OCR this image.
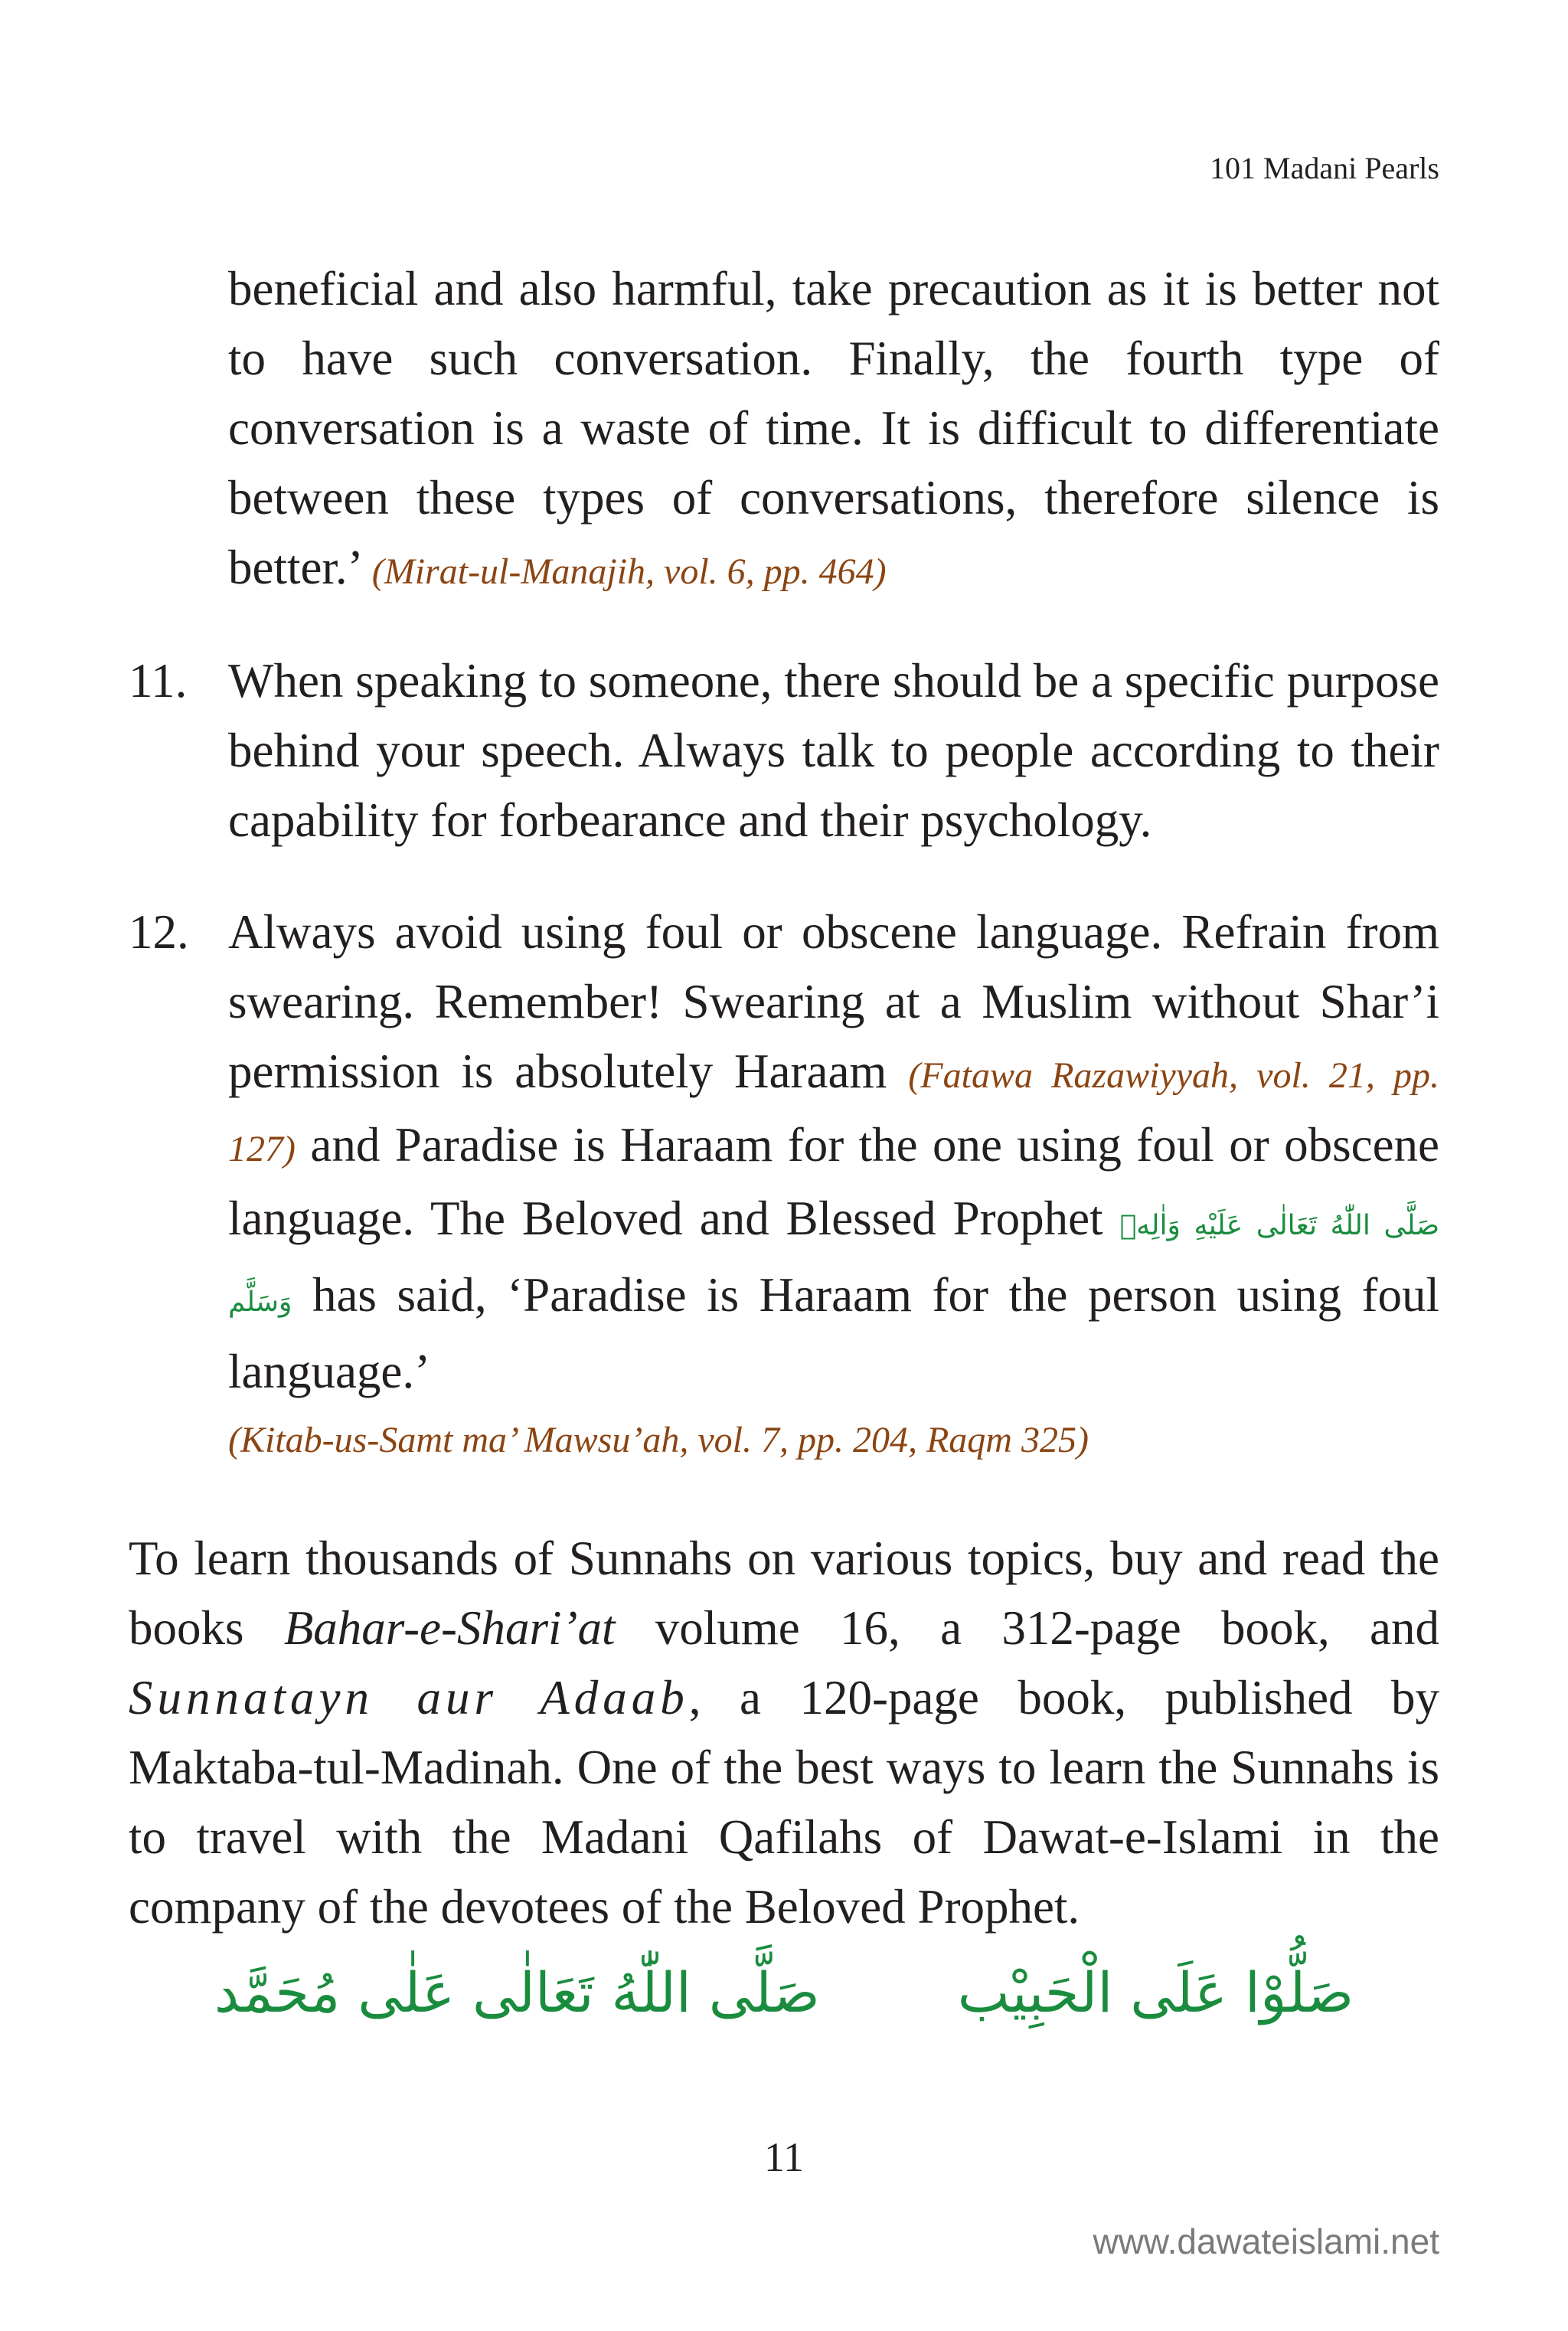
101 Madani Pearls
beneficial and also harmful, take precaution as it is better not to have such conversation. Finally, the fourth type of conversation is a waste of time. It is difficult to differentiate between these types of conversations, therefore silence is better.’ (Mirat-ul-Manajih, vol. 6, pp. 464)
11. When speaking to someone, there should be a specific purpose behind your speech. Always talk to people according to their capability for forbearance and their psychology.
12. Always avoid using foul or obscene language. Refrain from swearing. Remember! Swearing at a Muslim without Shar’i permission is absolutely Haraam (Fatawa Razawiyyah, vol. 21, pp. 127) and Paradise is Haraam for the one using foul or obscene language. The Beloved and Blessed Prophet صَلَّى اللّٰهُ تَعَالٰى عَلَيْهِ وَاٰلِهٖ وَسَلَّم has said, ‘Paradise is Haraam for the person using foul language.’
(Kitab-us-Samt ma’ Mawsu’ah, vol. 7, pp. 204, Raqm 325)
To learn thousands of Sunnahs on various topics, buy and read the books Bahar-e-Shari’at volume 16, a 312-page book, and Sunnatayn aur Adaab, a 120-page book, published by Maktaba-tul-Madinah. One of the best ways to learn the Sunnahs is to travel with the Madani Qafilahs of Dawat-e-Islami in the company of the devotees of the Beloved Prophet.
صَلُّوْا عَلَى الْحَبِيْبصَلَّى اللّٰهُ تَعَالٰى عَلٰى مُحَمَّد
11
www.dawateislami.net
